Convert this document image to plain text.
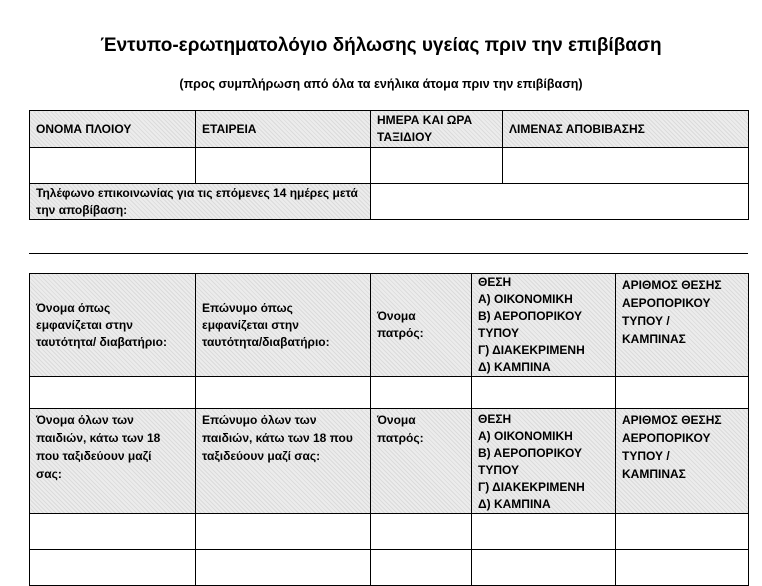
Έντυπο-ερωτηματολόγιο δήλωσης υγείας πριν την επιβίβαση
(προς συμπλήρωση από όλα τα ενήλικα άτομα πριν την επιβίβαση)
ΟΝΟΜΑ ΠΛΟΙΟΥ	ΕΤΑΙΡΕΙΑ	ΗΜΕΡΑ ΚΑΙ ΩΡΑ ΤΑΞΙΔΙΟΥ	ΛΙΜΕΝΑΣ ΑΠΟΒΙΒΑΣΗΣ

Τηλέφωνο επικοινωνίας για τις επόμενες 14 ημέρες μετά την αποβίβαση:			
Όνομα όπως εμφανίζεται στην ταυτότητα/ διαβατήριο:	Επώνυμο όπως εμφανίζεται στην ταυτότητα/διαβατήριο:	Όνομα πατρός:	ΘΕΣΗ
Α) ΟΙΚΟΝΟΜΙΚΗ
Β) ΑΕΡΟΠΟΡΙΚΟΥ ΤΥΠΟΥ
Γ) ΔΙΑΚΕΚΡΙΜΕΝΗ
Δ) ΚΑΜΠΙΝΑ	ΑΡΙΘΜΟΣ ΘΕΣΗΣ ΑΕΡΟΠΟΡΙΚΟΥ ΤΥΠΟΥ / ΚΑΜΠΙΝΑΣ

Όνομα όλων των παιδιών, κάτω των 18 που ταξιδεύουν μαζί σας:	Επώνυμο όλων των παιδιών, κάτω των 18 που ταξιδεύουν μαζί σας:	Όνομα πατρός:	ΘΕΣΗ
Α) ΟΙΚΟΝΟΜΙΚΗ
Β) ΑΕΡΟΠΟΡΙΚΟΥ ΤΥΠΟΥ
Γ) ΔΙΑΚΕΚΡΙΜΕΝΗ
Δ) ΚΑΜΠΙΝΑ	ΑΡΙΘΜΟΣ ΘΕΣΗΣ ΑΕΡΟΠΟΡΙΚΟΥ ΤΥΠΟΥ / ΚΑΜΠΙΝΑΣ
